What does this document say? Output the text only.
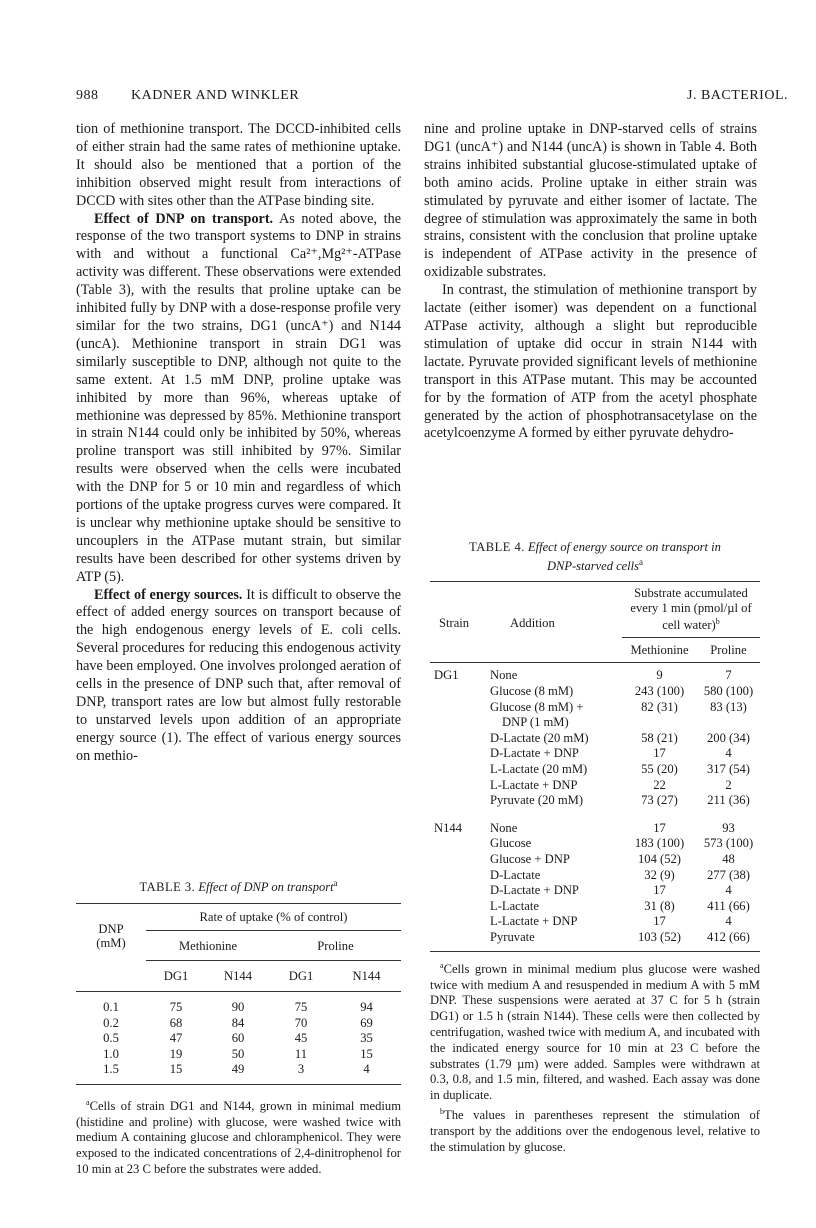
988 KADNER AND WINKLER	J. BACTERIOL.

tion of methionine transport. The DCCD-inhibited cells of either strain had the same rates of methionine uptake. It should also be mentioned that a portion of the inhibition observed might result from interactions of DCCD with sites other than the ATPase binding site.

Effect of DNP on transport. As noted above, the response of the two transport systems to DNP in strains with and without a functional Ca²⁺,Mg²⁺-ATPase activity was different. These observations were extended (Table 3), with the results that proline uptake can be inhibited fully by DNP with a dose-response profile very similar for the two strains, DG1 (uncA⁺) and N144 (uncA). Methionine transport in strain DG1 was similarly susceptible to DNP, although not quite to the same extent. At 1.5 mM DNP, proline uptake was inhibited by more than 96%, whereas uptake of methionine was depressed by 85%. Methionine transport in strain N144 could only be inhibited by 50%, whereas proline transport was still inhibited by 97%. Similar results were observed when the cells were incubated with the DNP for 5 or 10 min and regardless of which portions of the uptake progress curves were compared. It is unclear why methionine uptake should be sensitive to uncouplers in the ATPase mutant strain, but similar results have been described for other systems driven by ATP (5).

Effect of energy sources. It is difficult to observe the effect of added energy sources on transport because of the high endogenous energy levels of E. coli cells. Several procedures for reducing this endogenous activity have been employed. One involves prolonged aeration of cells in the presence of DNP such that, after removal of DNP, transport rates are low but almost fully restorable to unstarved levels upon addition of an appropriate energy source (1). The effect of various energy sources on methio-

TABLE 3. Effect of DNP on transport$^a$

DNP (mM)	Rate of uptake (% of control)			
	Methionine		Proline	
	DG1	N144	DG1	N144

0.1	75	90	75	94
0.2	68	84	70	69
0.5	47	60	45	35
1.0	19	50	11	15
1.5	15	49	3	4

$^a$Cells of strain DG1 and N144, grown in minimal medium (histidine and proline) with glucose, were washed twice with medium A containing glucose and chloramphenicol. They were exposed to the indicated concentrations of 2,4-dinitrophenol for 10 min at 23 C before the substrates were added.

nine and proline uptake in DNP-starved cells of strains DG1 (uncA⁺) and N144 (uncA) is shown in Table 4. Both strains inhibited substantial glucose-stimulated uptake of both amino acids. Proline uptake in either strain was stimulated by pyruvate and either isomer of lactate. The degree of stimulation was approximately the same in both strains, consistent with the conclusion that proline uptake is independent of ATPase activity in the presence of oxidizable substrates.

In contrast, the stimulation of methionine transport by lactate (either isomer) was dependent on a functional ATPase activity, although a slight but reproducible stimulation of uptake did occur in strain N144 with lactate. Pyruvate provided significant levels of methionine transport in this ATPase mutant. This may be accounted for by the formation of ATP from the acetyl phosphate generated by the action of phosphotransacetylase on the acetylcoenzyme A formed by either pyruvate dehydro-

TABLE 4. Effect of energy source on transport in
DNP-starved cells$^a$

Strain	Addition	Substrate accumulated every 1 min (pmol/µl of cell water)$^b$
		Methionine	Proline

DG1	None	9	7
	Glucose (8 mM)	243 (100)	580 (100)
	Glucose (8 mM) +
DNP (1 mM)	82 (31)	83 (13)
	D-Lactate (20 mM)	58 (21)	200 (34)
	D-Lactate + DNP	17	4
	L-Lactate (20 mM)	55 (20)	317 (54)
	L-Lactate + DNP	22	2
	Pyruvate (20 mM)	73 (27)	211 (36)

N144	None	17	93
	Glucose	183 (100)	573 (100)
	Glucose + DNP	104 (52)	48
	D-Lactate	32 (9)	277 (38)
	D-Lactate + DNP	17	4
	L-Lactate	31 (8)	411 (66)
	L-Lactate + DNP	17	4
	Pyruvate	103 (52)	412 (66)

$^a$Cells grown in minimal medium plus glucose were washed twice with medium A and resuspended in medium A with 5 mM DNP. These suspensions were aerated at 37 C for 5 h (strain DG1) or 1.5 h (strain N144). These cells were then collected by centrifugation, washed twice with medium A, and incubated with the indicated energy source for 10 min at 23 C before the substrates (1.79 µm) were added. Samples were withdrawn at 0.3, 0.8, and 1.5 min, filtered, and washed. Each assay was done in duplicate.

$^b$The values in parentheses represent the stimulation of transport by the additions over the endogenous level, relative to the stimulation by glucose.
